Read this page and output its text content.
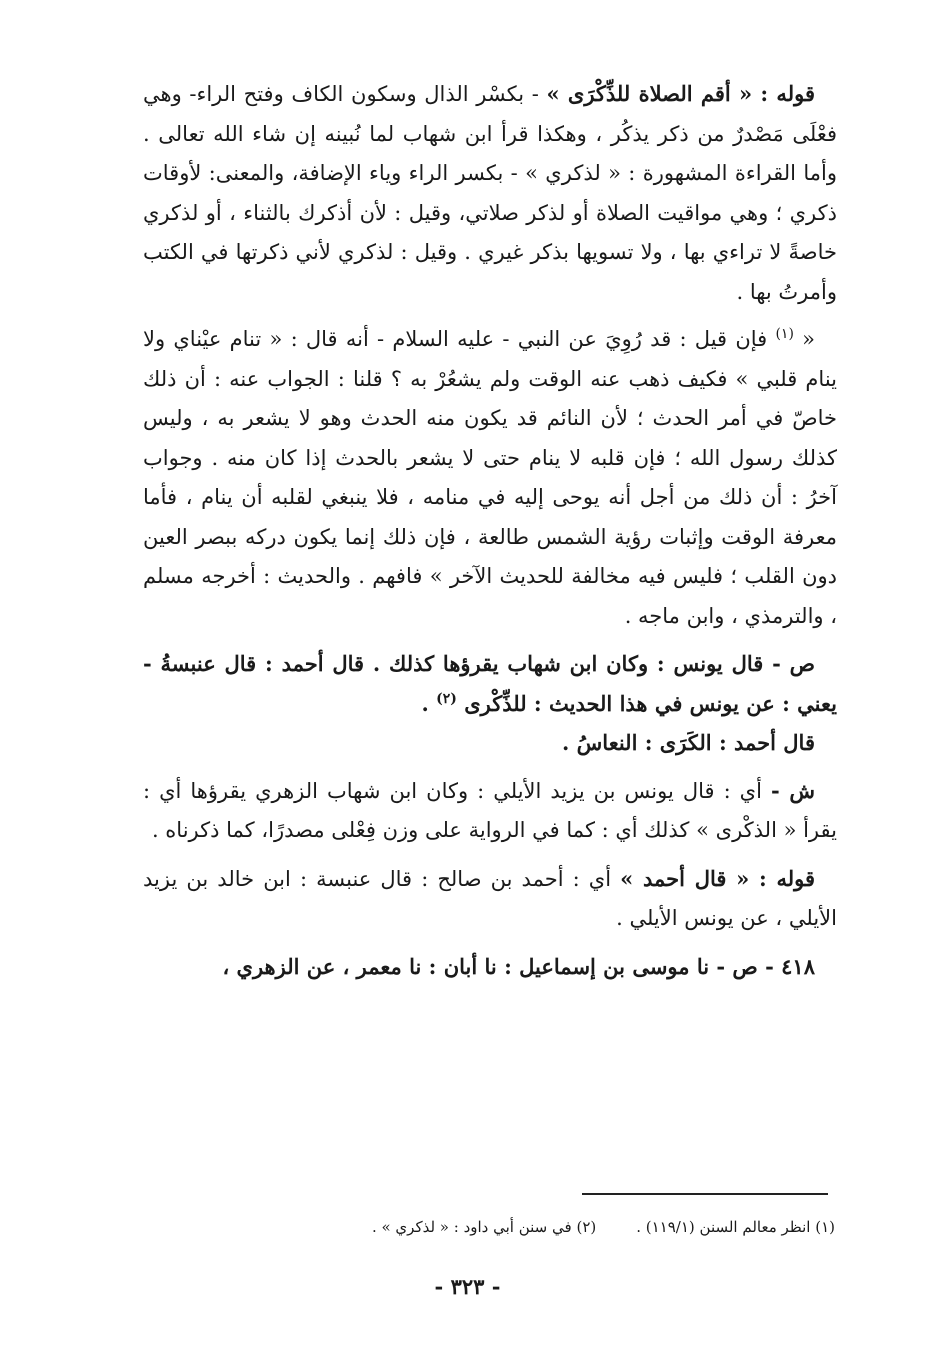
قوله : « أقم الصلاة للذِّكْرَى » - بكسْر الذال وسكون الكاف وفتح الراء- وهي فعْلَى مَصْدرٌ من ذكر يذكُر ، وهكذا قرأ ابن شهاب لما نُبينه إن شاء الله تعالى . وأما القراءة المشهورة : « لذكري » - بكسر الراء وياء الإضافة، والمعنى: لأوقات ذكري ؛ وهي مواقيت الصلاة أو لذكر صلاتي، وقيل : لأن أذكرك بالثناء ، أو لذكري خاصةً لا تراءي بها ، ولا تسويها بذكر غيري . وقيل : لذكري لأني ذكرتها في الكتب وأمرتُ بها .

« $^{(١)}$ فإن قيل : قد رُوِيَ عن النبي - عليه السلام - أنه قال : « تنام عيْناي ولا ينام قلبي » فكيف ذهب عنه الوقت ولم يشعُرْ به ؟ قلنا : الجواب عنه : أن ذلك خاصّ في أمر الحدث ؛ لأن النائم قد يكون منه الحدث وهو لا يشعر به ، وليس كذلك رسول الله ؛ فإن قلبه لا ينام حتى لا يشعر بالحدث إذا كان منه . وجواب آخرُ : أن ذلك من أجل أنه يوحى إليه في منامه ، فلا ينبغي لقلبه أن ينام ، فأما معرفة الوقت وإثبات رؤية الشمس طالعة ، فإن ذلك إنما يكون دركه ببصر العين دون القلب ؛ فليس فيه مخالفة للحديث الآخر » فافهم . والحديث : أخرجه مسلم ، والترمذي ، وابن ماجه .

ص - قال يونس : وكان ابن شهاب يقرؤها كذلك . قال أحمد : قال عنبسةُ - يعني : عن يونس في هذا الحديث : للذِّكْرى $^{(٢)}$ .

قال أحمد : الكَرَى : النعاسُ .

ش - أي : قال يونس بن يزيد الأيلي : وكان ابن شهاب الزهري يقرؤها أي : يقرأ « الذكْرى » كذلك أي : كما في الرواية على وزن فِعْلى مصدرًا، كما ذكرناه .

قوله : « قال أحمد » أي : أحمد بن صالح : قال عنبسة : ابن خالد بن يزيد الأيلي ، عن يونس الأيلي .

٤١٨ - ص - نا موسى بن إسماعيل : نا أبان : نا معمر ، عن الزهري ،

(١) انظر معالم السنن (١١٩/١) .
(٢) في سنن أبي داود : « لذكري » .
- ٣٢٣ -
